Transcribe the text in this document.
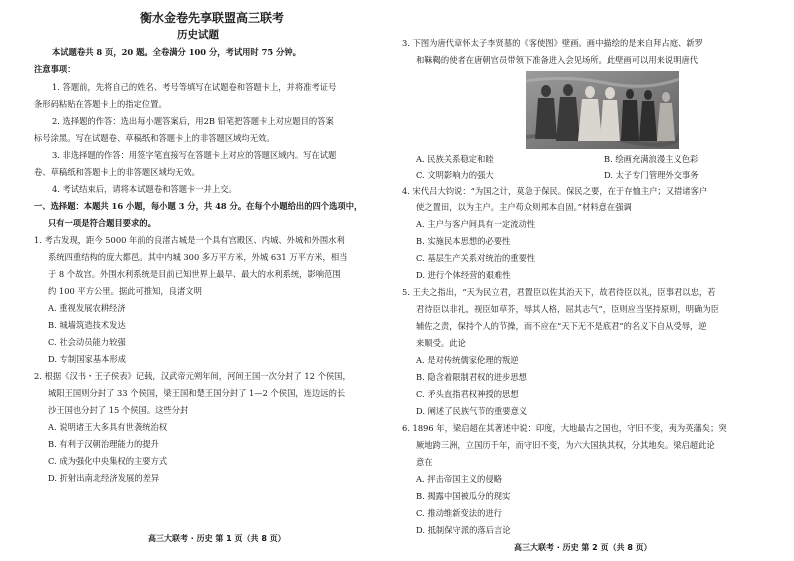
衡水金卷先享联盟高三联考
历史试题
本试题卷共 8 页，20 题。全卷满分 100 分，考试用时 75 分钟。
注意事项：
1. 答题前，先将自己的姓名、考号等填写在试题卷和答题卡上，并将准考证号
条形码粘贴在答题卡上的指定位置。
2. 选择题的作答：选出每小题答案后，用2B 铅笔把答题卡上对应题目的答案
标号涂黑。写在试题卷、草稿纸和答题卡上的非答题区域均无效。
3. 非选择题的作答：用签字笔直接写在答题卡上对应的答题区域内。写在试题
卷、草稿纸和答题卡上的非答题区域均无效。
4. 考试结束后，请将本试题卷和答题卡一并上交。
一、选择题：本题共 16 小题，每小题 3 分，共 48 分。在每个小题给出的四个选项中，
只有一项是符合题目要求的。
1. 考古发现，距今 5000 年前的良渚古城是一个具有宫殿区、内城、外城和外围水利
系统四重结构的庞大都邑。其中内城 300 多万平方米，外城 631 万平方米，相当
于 8 个故宫。外围水利系统是目前已知世界上最早、最大的水利系统，影响范围
约 100 平方公里。据此可推知，良渚文明
A. 重视发展农耕经济
B. 城墙筑造技术发达
C. 社会动员能力较强
D. 专制国家基本形成
2. 根据《汉书・王子侯表》记载，汉武帝元朔年间，河间王国一次分封了 12 个侯国，
城阳王国则分封了 33 个侯国，梁王国和楚王国分封了 1—2 个侯国，连边远的长
沙王国也分封了 15 个侯国。这些分封
A. 说明诸王大多具有世袭统治权
B. 有利于汉朝治理能力的提升
C. 成为强化中央集权的主要方式
D. 折射出南北经济发展的差异
高三大联考 · 历史 第 1 页（共 8 页）
3. 下图为唐代章怀太子李贤墓的《客使图》壁画。画中描绘的是来自拜占庭、新罗
和靺鞨的使者在唐朝官员带领下准备进入会见场所。此壁画可以用来说明唐代
A. 民族关系稳定和睦	B. 绘画充满浪漫主义色彩
C. 文明影响力的强大	D. 太子专门管理外交事务
4. 宋代吕大钧说：“为国之计，莫急于保民。保民之要，在于存恤主户；又措诸客户
使之置田，以为主户。主户苟众则邦本自固。”材料意在强调
A. 主户与客户间具有一定流动性
B. 实施民本思想的必要性
C. 基层生产关系对统治的重要性
D. 进行个体经营的艰难性
5. 王夫之指出，“天为民立君，君置臣以佐其治天下，故君待臣以礼，臣事君以忠，若
君待臣以非礼，视臣如草芥，辱其人格，屈其志气”，臣则应当坚持原则，明确为臣
辅佐之责，保持个人的节操，而不应在“天下无不是底君”的名义下自从受辱，逆
来顺受。此论
A. 是对传统儒家伦理的叛逆
B. 隐含着限制君权的进步思想
C. 矛头直指君权神授的思想
D. 阐述了民族气节的重要意义
6. 1896 年，梁启超在其著述中说：印度，大地最古之国也，守旧不变，夷为英藩矣；突
厥地跨三洲，立国历千年，而守旧不变，为六大国执其权，分其地矣。梁启超此论
意在
A. 抨击帝国主义的侵略
B. 揭露中国被瓜分的现实
C. 推动维新变法的进行
D. 抵制保守派的落后言论
高三大联考 · 历史 第 2 页（共 8 页）
